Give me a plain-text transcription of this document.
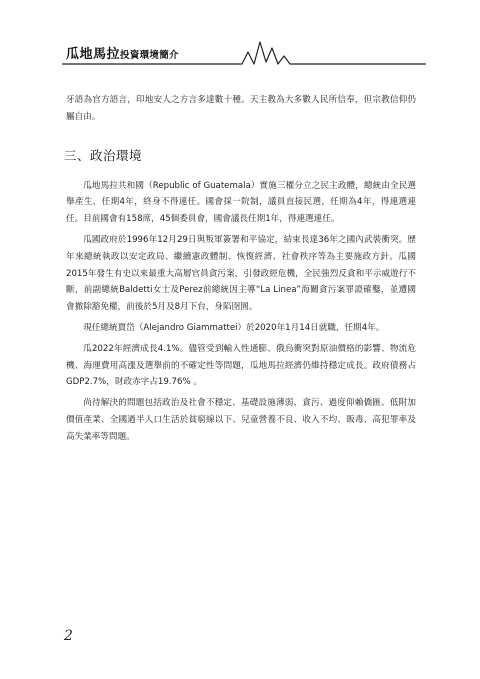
瓜地馬拉投資環境簡介

牙語為官方語言，印地安人之方言多達數十種。天主教為大多數人民所信奉，但宗教信仰仍屬自由。

三、政治環境

瓜地馬拉共和國（Republic of Guatemala）實施三權分立之民主政體，總統由全民選舉產生，任期4年，終身不得連任。國會採一院制，議員直接民選，任期為4年，得連選連任。目前國會有158席，45個委員會，國會議長任期1年，得連選連任。

瓜國政府於1996年12月29日與叛軍簽署和平協定，結束長達36年之國內武裝衝突。歷年來總統執政以安定政局、繼續憲政體制、恢復經濟、社會秩序等為主要施政方針。瓜國2015年發生有史以來最重大高層官員貪污案，引發政經危機，全民強烈反貪和平示威遊行不斷，前副總統Baldetti女士及Perez前總統因主導“La Linea”海關貪污案罪證確鑿，並遭國會撤除豁免權，前後於5月及8月下台，身陷囹圄。

現任總統賈岱（Alejandro Giammattei）於2020年1月14日就職，任期4年。

瓜2022年經濟成長4.1%。儘管受到輸入性通膨、俄烏衝突對原油價格的影響、物流危機、海運費用高漲及選舉前的不確定性等問題，瓜地馬拉經濟仍維持穩定成長。政府債務占GDP2.7%，財政赤字占19.76% 。

尚待解決的問題包括政治及社會不穩定、基礎設施薄弱、貪污、過度仰賴僑匯、低附加價值產業、全國過半人口生活於貧窮線以下、兒童營養不良、收入不均、販毒、高犯罪率及高失業率等問題。

2
